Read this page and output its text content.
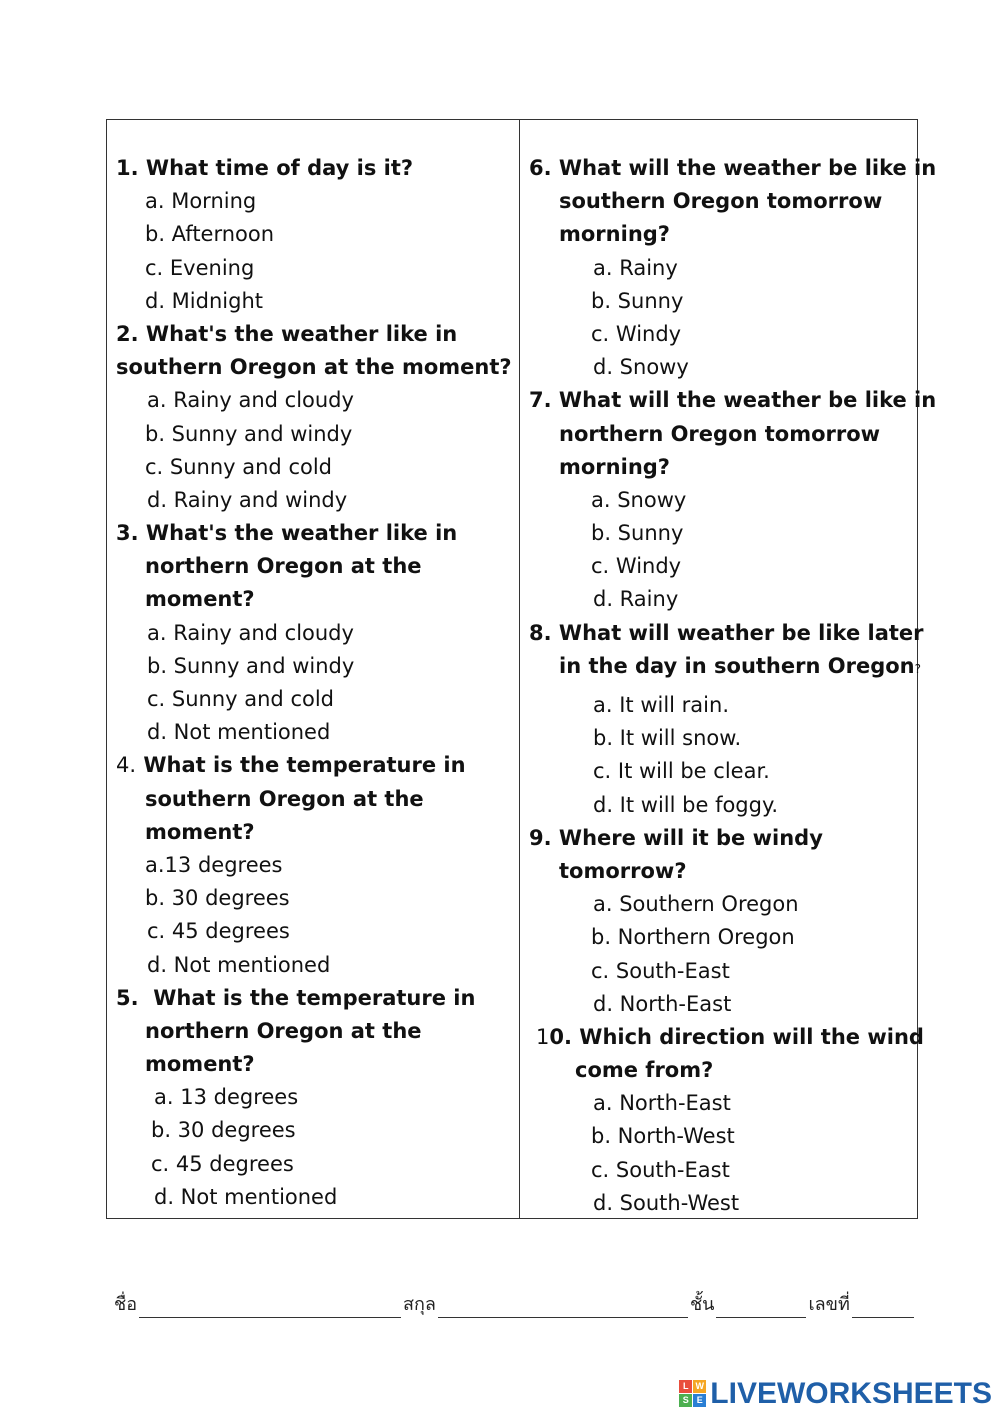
1. What time of day is it?
a. Morning
b. Afternoon
c. Evening
d. Midnight
2. What's the weather like in
southern Oregon at the moment?
a. Rainy and cloudy
b. Sunny and windy
c. Sunny and cold
d. Rainy and windy
3. What's the weather like in
northern Oregon at the
moment?
a. Rainy and cloudy
b. Sunny and windy
c. Sunny and cold
d. Not mentioned
4. What is the temperature in
southern Oregon at the
moment?
a.13 degrees
b. 30 degrees
c. 45 degrees
d. Not mentioned
5. What is the temperature in
northern Oregon at the
moment?
a. 13 degrees
b. 30 degrees
c. 45 degrees
d. Not mentioned
6. What will the weather be like in
southern Oregon tomorrow
morning?
a. Rainy
b. Sunny
c. Windy
d. Snowy
7. What will the weather be like in
northern Oregon tomorrow
morning?
a. Snowy
b. Sunny
c. Windy
d. Rainy
8. What will weather be like later
in the day in southern Oregon?
a. It will rain.
b. It will snow.
c. It will be clear.
d. It will be foggy.
9. Where will it be windy
tomorrow?
a. Southern Oregon
b. Northern Oregon
c. South-East
d. North-East
10. Which direction will the wind
come from?
a. North-East
b. North-West
c. South-East
d. South-West
ชื่อ	สกุล	ชั้น	เลขที่
L W
S E LIVEWORKSHEETS
